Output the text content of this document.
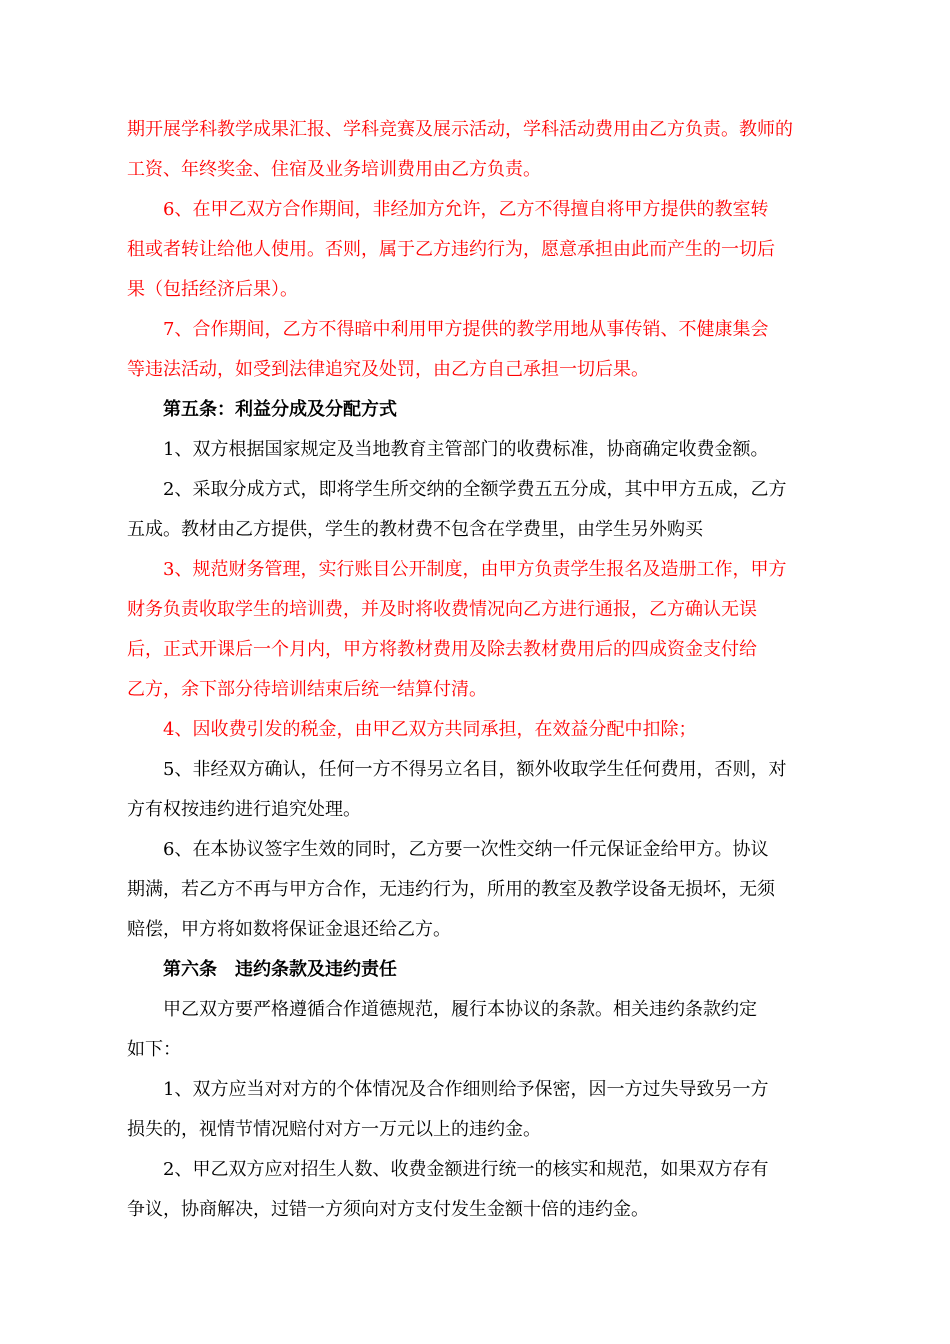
期开展学科教学成果汇报、学科竞赛及展示活动，学科活动费用由乙方负责。教师的
工资、年终奖金、住宿及业务培训费用由乙方负责。
6、在甲乙双方合作期间，非经加方允许，乙方不得擅自将甲方提供的教室转
租或者转让给他人使用。否则，属于乙方违约行为，愿意承担由此而产生的一切后
果（包括经济后果）。
7、合作期间，乙方不得暗中利用甲方提供的教学用地从事传销、不健康集会
等违法活动，如受到法律追究及处罚，由乙方自己承担一切后果。
第五条：利益分成及分配方式
1、双方根据国家规定及当地教育主管部门的收费标准，协商确定收费金额。
2、采取分成方式，即将学生所交纳的全额学费五五分成，其中甲方五成，乙方
五成。教材由乙方提供，学生的教材费不包含在学费里，由学生另外购买
3、规范财务管理，实行账目公开制度，由甲方负责学生报名及造册工作，甲方
财务负责收取学生的培训费，并及时将收费情况向乙方进行通报，乙方确认无误
后，正式开课后一个月内，甲方将教材费用及除去教材费用后的四成资金支付给
乙方，余下部分待培训结束后统一结算付清。
4、因收费引发的税金，由甲乙双方共同承担，在效益分配中扣除；
5、非经双方确认，任何一方不得另立名目，额外收取学生任何费用，否则，对
方有权按违约进行追究处理。
6、在本协议签字生效的同时，乙方要一次性交纳一仟元保证金给甲方。协议
期满，若乙方不再与甲方合作，无违约行为，所用的教室及教学设备无损坏，无须
赔偿，甲方将如数将保证金退还给乙方。
第六条　违约条款及违约责任
甲乙双方要严格遵循合作道德规范，履行本协议的条款。相关违约条款约定
如下：
1、双方应当对对方的个体情况及合作细则给予保密，因一方过失导致另一方
损失的，视情节情况赔付对方一万元以上的违约金。
2、甲乙双方应对招生人数、收费金额进行统一的核实和规范，如果双方存有
争议，协商解决，过错一方须向对方支付发生金额十倍的违约金。
